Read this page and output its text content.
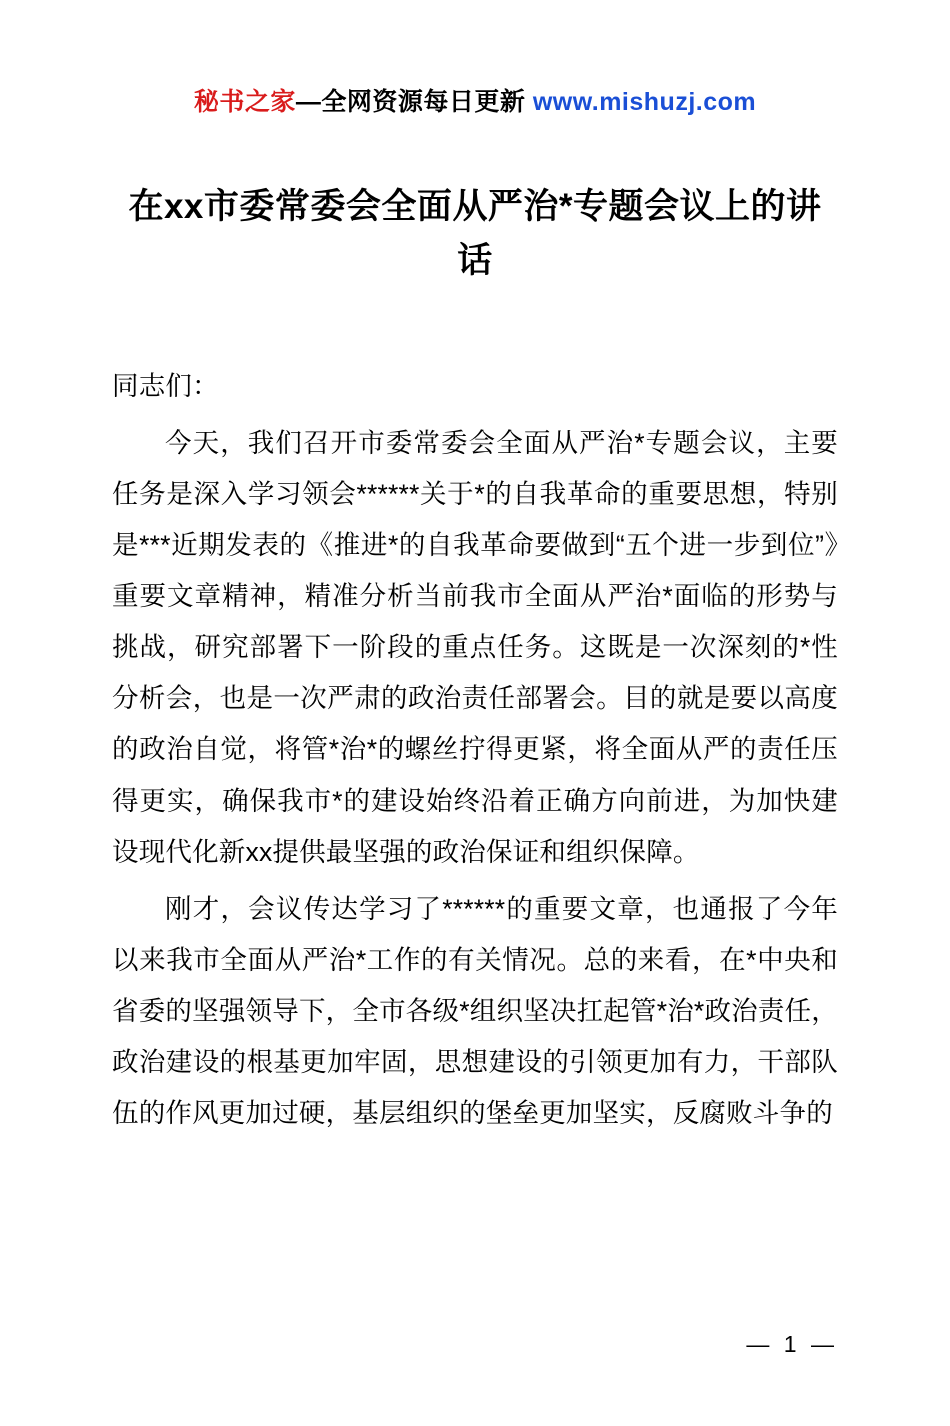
秘书之家—全网资源每日更新 www.mishuzj.com
在xx市委常委会全面从严治*专题会议上的讲话

同志们：

今天，我们召开市委常委会全面从严治*专题会议，主要任务是深入学习领会******关于*的自我革命的重要思想，特别是***近期发表的《推进*的自我革命要做到“五个进一步到位”》重要文章精神，精准分析当前我市全面从严治*面临的形势与挑战，研究部署下一阶段的重点任务。这既是一次深刻的*性分析会，也是一次严肃的政治责任部署会。目的就是要以高度的政治自觉，将管*治*的螺丝拧得更紧，将全面从严的责任压得更实，确保我市*的建设始终沿着正确方向前进，为加快建设现代化新xx提供最坚强的政治保证和组织保障。

刚才，会议传达学习了******的重要文章，也通报了今年以来我市全面从严治*工作的有关情况。总的来看，在*中央和省委的坚强领导下，全市各级*组织坚决扛起管*治*政治责任，政治建设的根基更加牢固，思想建设的引领更加有力，干部队伍的作风更加过硬，基层组织的堡垒更加坚实，反腐败斗争的

— 1 —
